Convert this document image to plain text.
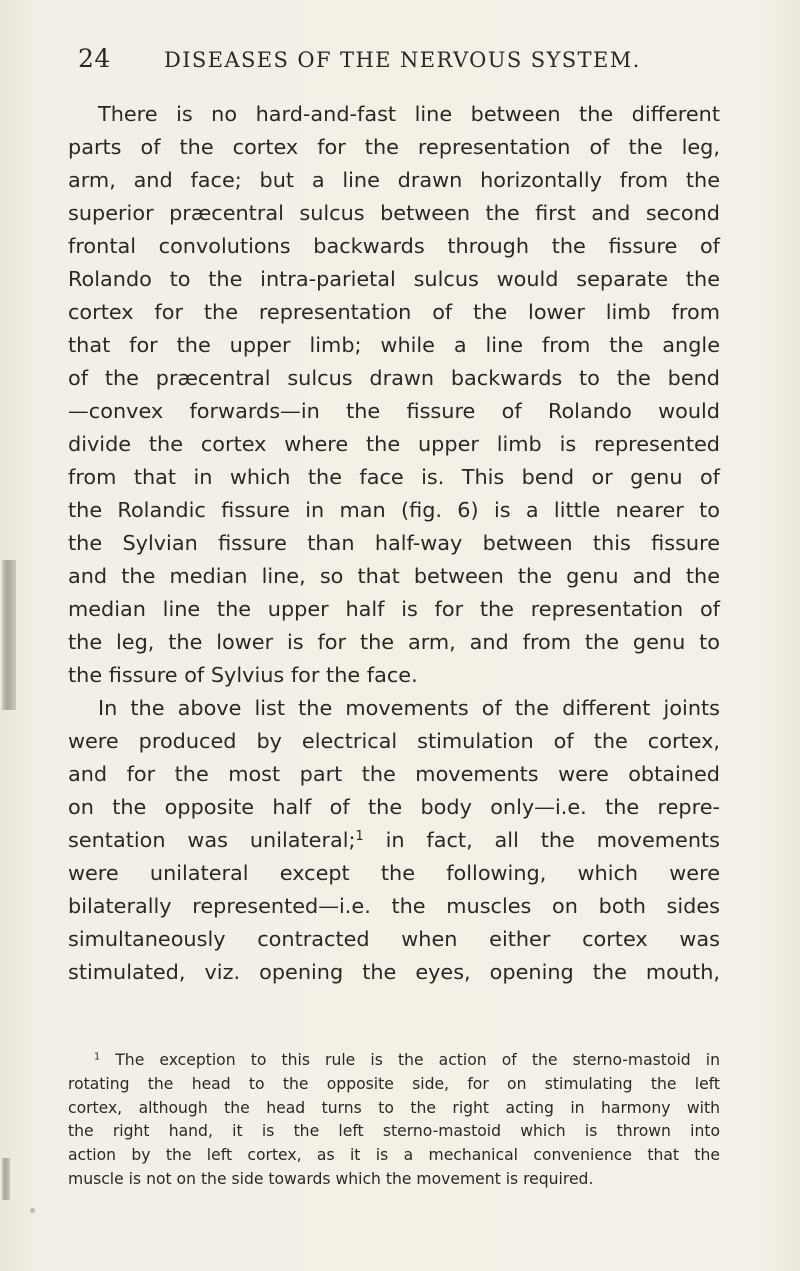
24	DISEASES OF THE NERVOUS SYSTEM.
There is no hard-and-fast line between the different
parts of the cortex for the representation of the leg,
arm, and face; but a line drawn horizontally from the
superior præcentral sulcus between the first and second
frontal convolutions backwards through the fissure of
Rolando to the intra-parietal sulcus would separate the
cortex for the representation of the lower limb from
that for the upper limb; while a line from the angle
of the præcentral sulcus drawn backwards to the bend
—convex forwards—in the fissure of Rolando would
divide the cortex where the upper limb is represented
from that in which the face is. This bend or genu of
the Rolandic fissure in man (fig. 6) is a little nearer to
the Sylvian fissure than half-way between this fissure
and the median line, so that between the genu and the
median line the upper half is for the representation of
the leg, the lower is for the arm, and from the genu to
the fissure of Sylvius for the face.
In the above list the movements of the different joints
were produced by electrical stimulation of the cortex,
and for the most part the movements were obtained
on the opposite half of the body only—i.e. the repre-
sentation was unilateral;$^1$ in fact, all the movements
were unilateral except the following, which were
bilaterally represented—i.e. the muscles on both sides
simultaneously contracted when either cortex was
stimulated, viz. opening the eyes, opening the mouth,
$^1$ The exception to this rule is the action of the sterno-mastoid in
rotating the head to the opposite side, for on stimulating the left
cortex, although the head turns to the right acting in harmony with
the right hand, it is the left sterno-mastoid which is thrown into
action by the left cortex, as it is a mechanical convenience that the
muscle is not on the side towards which the movement is required.
